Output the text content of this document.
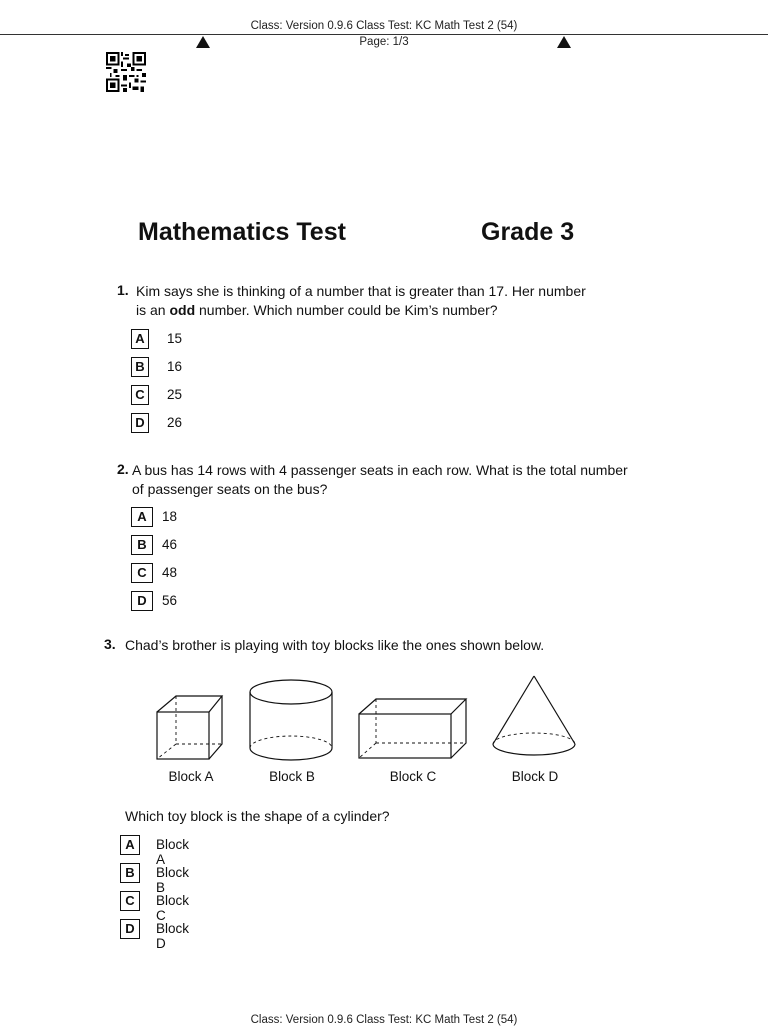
Class: Version 0.9.6 Class Test: KC Math Test 2 (54)
Page: 1/3
Mathematics Test	Grade 3
1. Kim says she is thinking of a number that is greater than 17. Her number
is an odd number. Which number could be Kim’s number?
A	15
B	16
C	25
D	26
2. A bus has 14 rows with 4 passenger seats in each row. What is the total number
of passenger seats on the bus?
A	18
B	46
C	48
D	56
3. Chad’s brother is playing with toy blocks like the ones shown below.
Block A	Block B	Block C	Block D
Which toy block is the shape of a cylinder?
A	Block A
B	Block B
C	Block C
D	Block D
Class: Version 0.9.6 Class Test: KC Math Test 2 (54)
